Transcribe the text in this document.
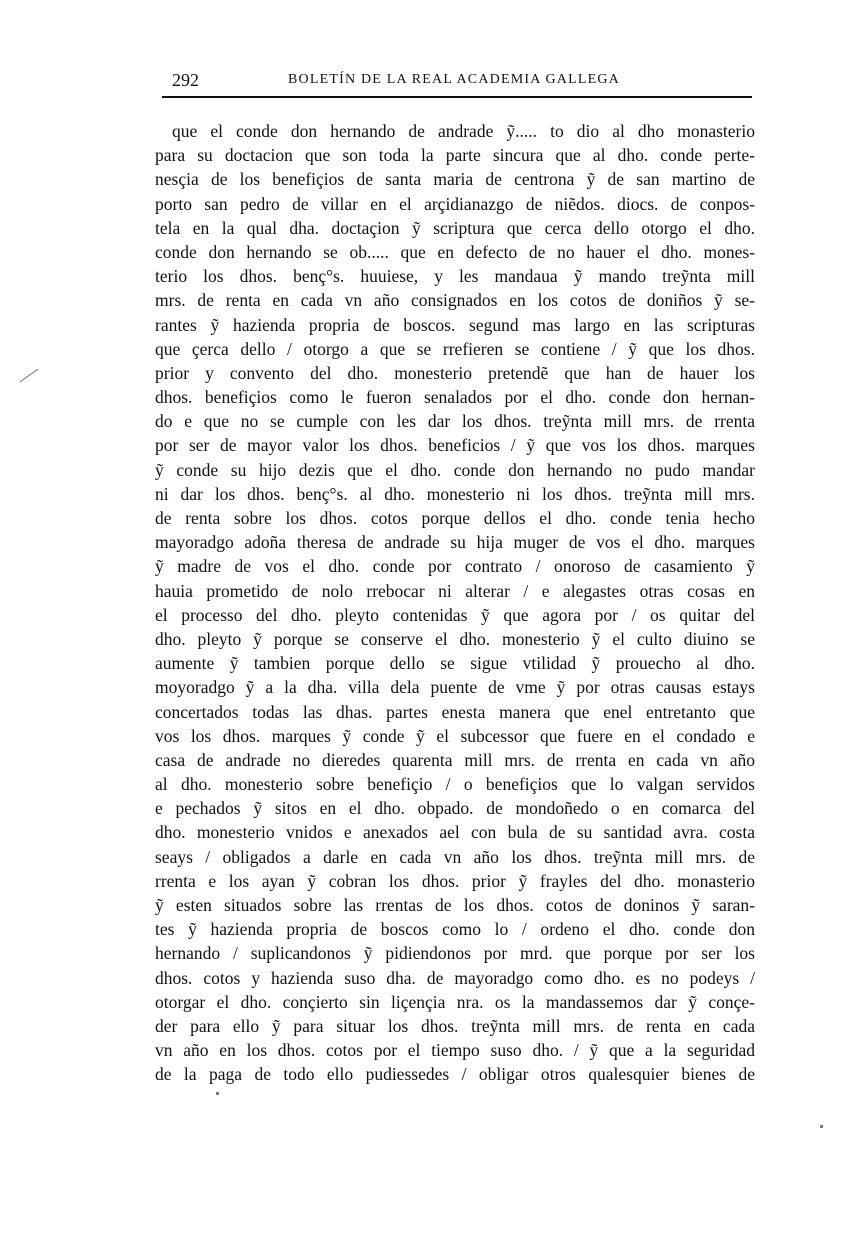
292	BOLETÍN DE LA REAL ACADEMIA GALLEGA
que el conde don hernando de andrade ỹ..... to dio al dho monasterio
para su doctacion que son toda la parte sincura que al dho. conde perte-
nesçia de los benefiçios de santa maria de centrona ỹ de san martino de
porto san pedro de villar en el arçidianazgo de niẽdos. diocs. de conpos-
tela en la qual dha. doctaçion ỹ scriptura que cerca dello otorgo el dho.
conde don hernando se ob..... que en defecto de no hauer el dho. mones-
terio los dhos. benç°s. huuiese, y les mandaua ỹ mando treỹnta mill
mrs. de renta en cada vn año consignados en los cotos de doniños ỹ se-
rantes ỹ hazienda propria de boscos. segund mas largo en las scripturas
que çerca dello / otorgo a que se rrefieren se contiene / ỹ que los dhos.
prior y convento del dho. monesterio pretendẽ que han de hauer los
dhos. benefiçios como le fueron senalados por el dho. conde don hernan-
do e que no se cumple con les dar los dhos. treỹnta mill mrs. de rrenta
por ser de mayor valor los dhos. beneficios / ỹ que vos los dhos. marques
ỹ conde su hijo dezis que el dho. conde don hernando no pudo mandar
ni dar los dhos. benç°s. al dho. monesterio ni los dhos. treỹnta mill mrs.
de renta sobre los dhos. cotos porque dellos el dho. conde tenia hecho
mayoradgo adoña theresa de andrade su hija muger de vos el dho. marques
ỹ madre de vos el dho. conde por contrato / onoroso de casamiento ỹ
hauia prometido de nolo rrebocar ni alterar / e alegastes otras cosas en
el processo del dho. pleyto contenidas ỹ que agora por / os quitar del
dho. pleyto ỹ porque se conserve el dho. monesterio ỹ el culto diuino se
aumente ỹ tambien porque dello se sigue vtilidad ỹ prouecho al dho.
moyoradgo ỹ a la dha. villa dela puente de vme ỹ por otras causas estays
concertados todas las dhas. partes enesta manera que enel entretanto que
vos los dhos. marques ỹ conde ỹ el subcessor que fuere en el condado e
casa de andrade no dieredes quarenta mill mrs. de rrenta en cada vn año
al dho. monesterio sobre benefiçio / o benefiçios que lo valgan servidos
e pechados ỹ sitos en el dho. obpado. de mondoñedo o en comarca del
dho. monesterio vnidos e anexados ael con bula de su santidad avra. costa
seays / obligados a darle en cada vn año los dhos. treỹnta mill mrs. de
rrenta e los ayan ỹ cobran los dhos. prior ỹ frayles del dho. monasterio
ỹ esten situados sobre las rrentas de los dhos. cotos de doninos ỹ saran-
tes ỹ hazienda propria de boscos como lo / ordeno el dho. conde don
hernando / suplicandonos ỹ pidiendonos por mrd. que porque por ser los
dhos. cotos y hazienda suso dha. de mayoradgo como dho. es no podeys /
otorgar el dho. conçierto sin liçençia nra. os la mandassemos dar ỹ conçe-
der para ello ỹ para situar los dhos. treỹnta mill mrs. de renta en cada
vn año en los dhos. cotos por el tiempo suso dho. / ỹ que a la seguridad
de la paga de todo ello pudiessedes / obligar otros qualesquier bienes de
